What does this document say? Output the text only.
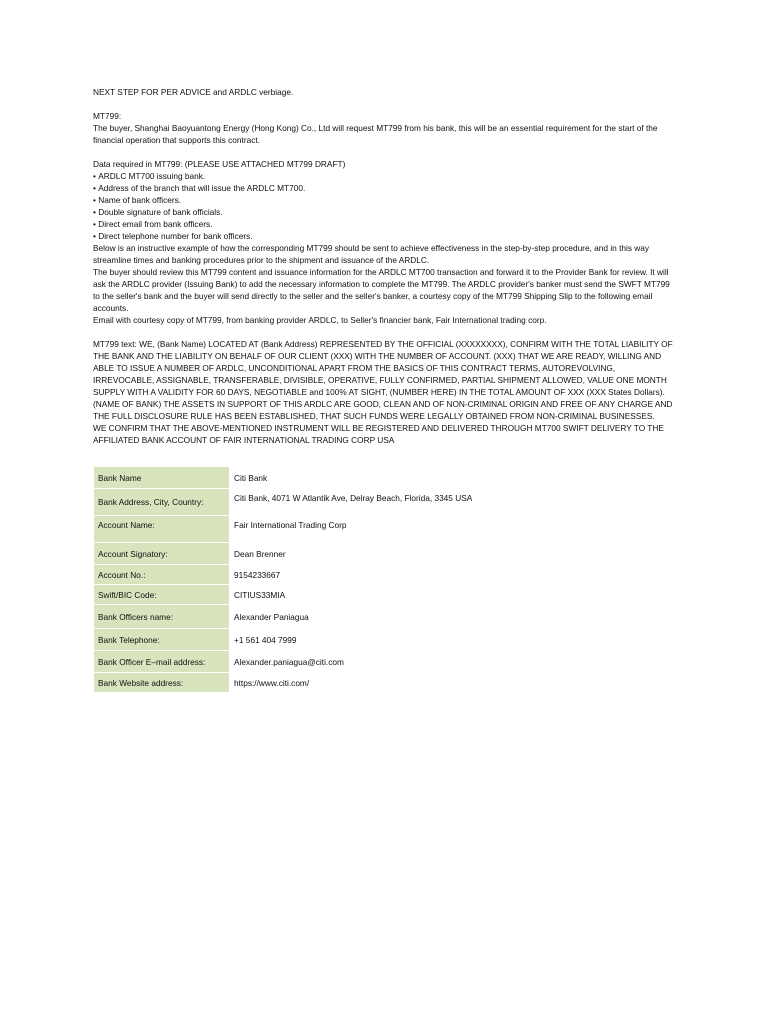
NEXT STEP FOR PER ADVICE and ARDLC verbiage.

MT799:

The buyer, Shanghai Baoyuantong Energy (Hong Kong) Co., Ltd will request MT799 from his bank, this will be an essential requirement for the start of the financial operation that supports this contract.

Data required in MT799: (PLEASE USE ATTACHED MT799 DRAFT)

• ARDLC MT700 issuing bank.
• Address of the branch that will issue the ARDLC MT700.
• Name of bank officers.
• Double signature of bank officials.
• Direct email from bank officers.
• Direct telephone number for bank officers.

Below is an instructive example of how the corresponding MT799 should be sent to achieve effectiveness in the step-by-step procedure, and in this way streamline times and banking procedures prior to the shipment and issuance of the ARDLC.

The buyer should review this MT799 content and issuance information for the ARDLC MT700 transaction and forward it to the Provider Bank for review. It will ask the ARDLC provider (Issuing Bank) to add the necessary information to complete the MT799. The ARDLC provider's banker must send the SWFT MT799 to the seller's bank and the buyer will send directly to the seller and the seller's banker, a courtesy copy of the MT799 Shipping Slip to the following email accounts.

Email with courtesy copy of MT799, from banking provider ARDLC, to Seller's financier bank, Fair International trading corp.

MT799 text: WE, (Bank Name) LOCATED AT (Bank Address) REPRESENTED BY THE OFFICIAL (XXXXXXXX), CONFIRM WITH THE TOTAL LIABILITY OF THE BANK AND THE LIABILITY ON BEHALF OF OUR CLIENT (XXX) WITH THE NUMBER OF ACCOUNT. (XXX) THAT WE ARE READY, WILLING AND ABLE TO ISSUE A NUMBER OF ARDLC, UNCONDITIONAL APART FROM THE BASICS OF THIS CONTRACT TERMS, AUTOREVOLVING, IRREVOCABLE, ASSIGNABLE, TRANSFERABLE, DIVISIBLE, OPERATIVE, FULLY CONFIRMED, PARTIAL SHIPMENT ALLOWED, VALUE ONE MONTH SUPPLY WITH A VALIDITY FOR 60 DAYS, NEGOTIABLE and 100% AT SIGHT, (NUMBER HERE) IN THE TOTAL AMOUNT OF XXX (XXX States Dollars).

(NAME OF BANK) THE ASSETS IN SUPPORT OF THIS ARDLC ARE GOOD, CLEAN AND OF NON-CRIMINAL ORIGIN AND FREE OF ANY CHARGE AND THE FULL DISCLOSURE RULE HAS BEEN ESTABLISHED, THAT SUCH FUNDS WERE LEGALLY OBTAINED FROM NON-CRIMINAL BUSINESSES.

WE CONFIRM THAT THE ABOVE-MENTIONED INSTRUMENT WILL BE REGISTERED AND DELIVERED THROUGH MT700 SWIFT DELIVERY TO THE AFFILIATED BANK ACCOUNT OF FAIR INTERNATIONAL TRADING CORP USA

Bank Name	Citi Bank
Bank Address, City, Country:	Citi Bank, 4071 W Atlantik Ave, Delray Beach, Florida, 3345 USA
Account Name:	Fair International Trading Corp
Account Signatory:	Dean Brenner
Account No.:	9154233667
Swift/BIC Code:	CITIUS33MIA
Bank Officers name:	Alexander Paniagua
Bank Telephone:	+1 561 404 7999
Bank Officer E–mail address:	Alexander.paniagua@citi.com
Bank Website address:	https://www.citi.com/
